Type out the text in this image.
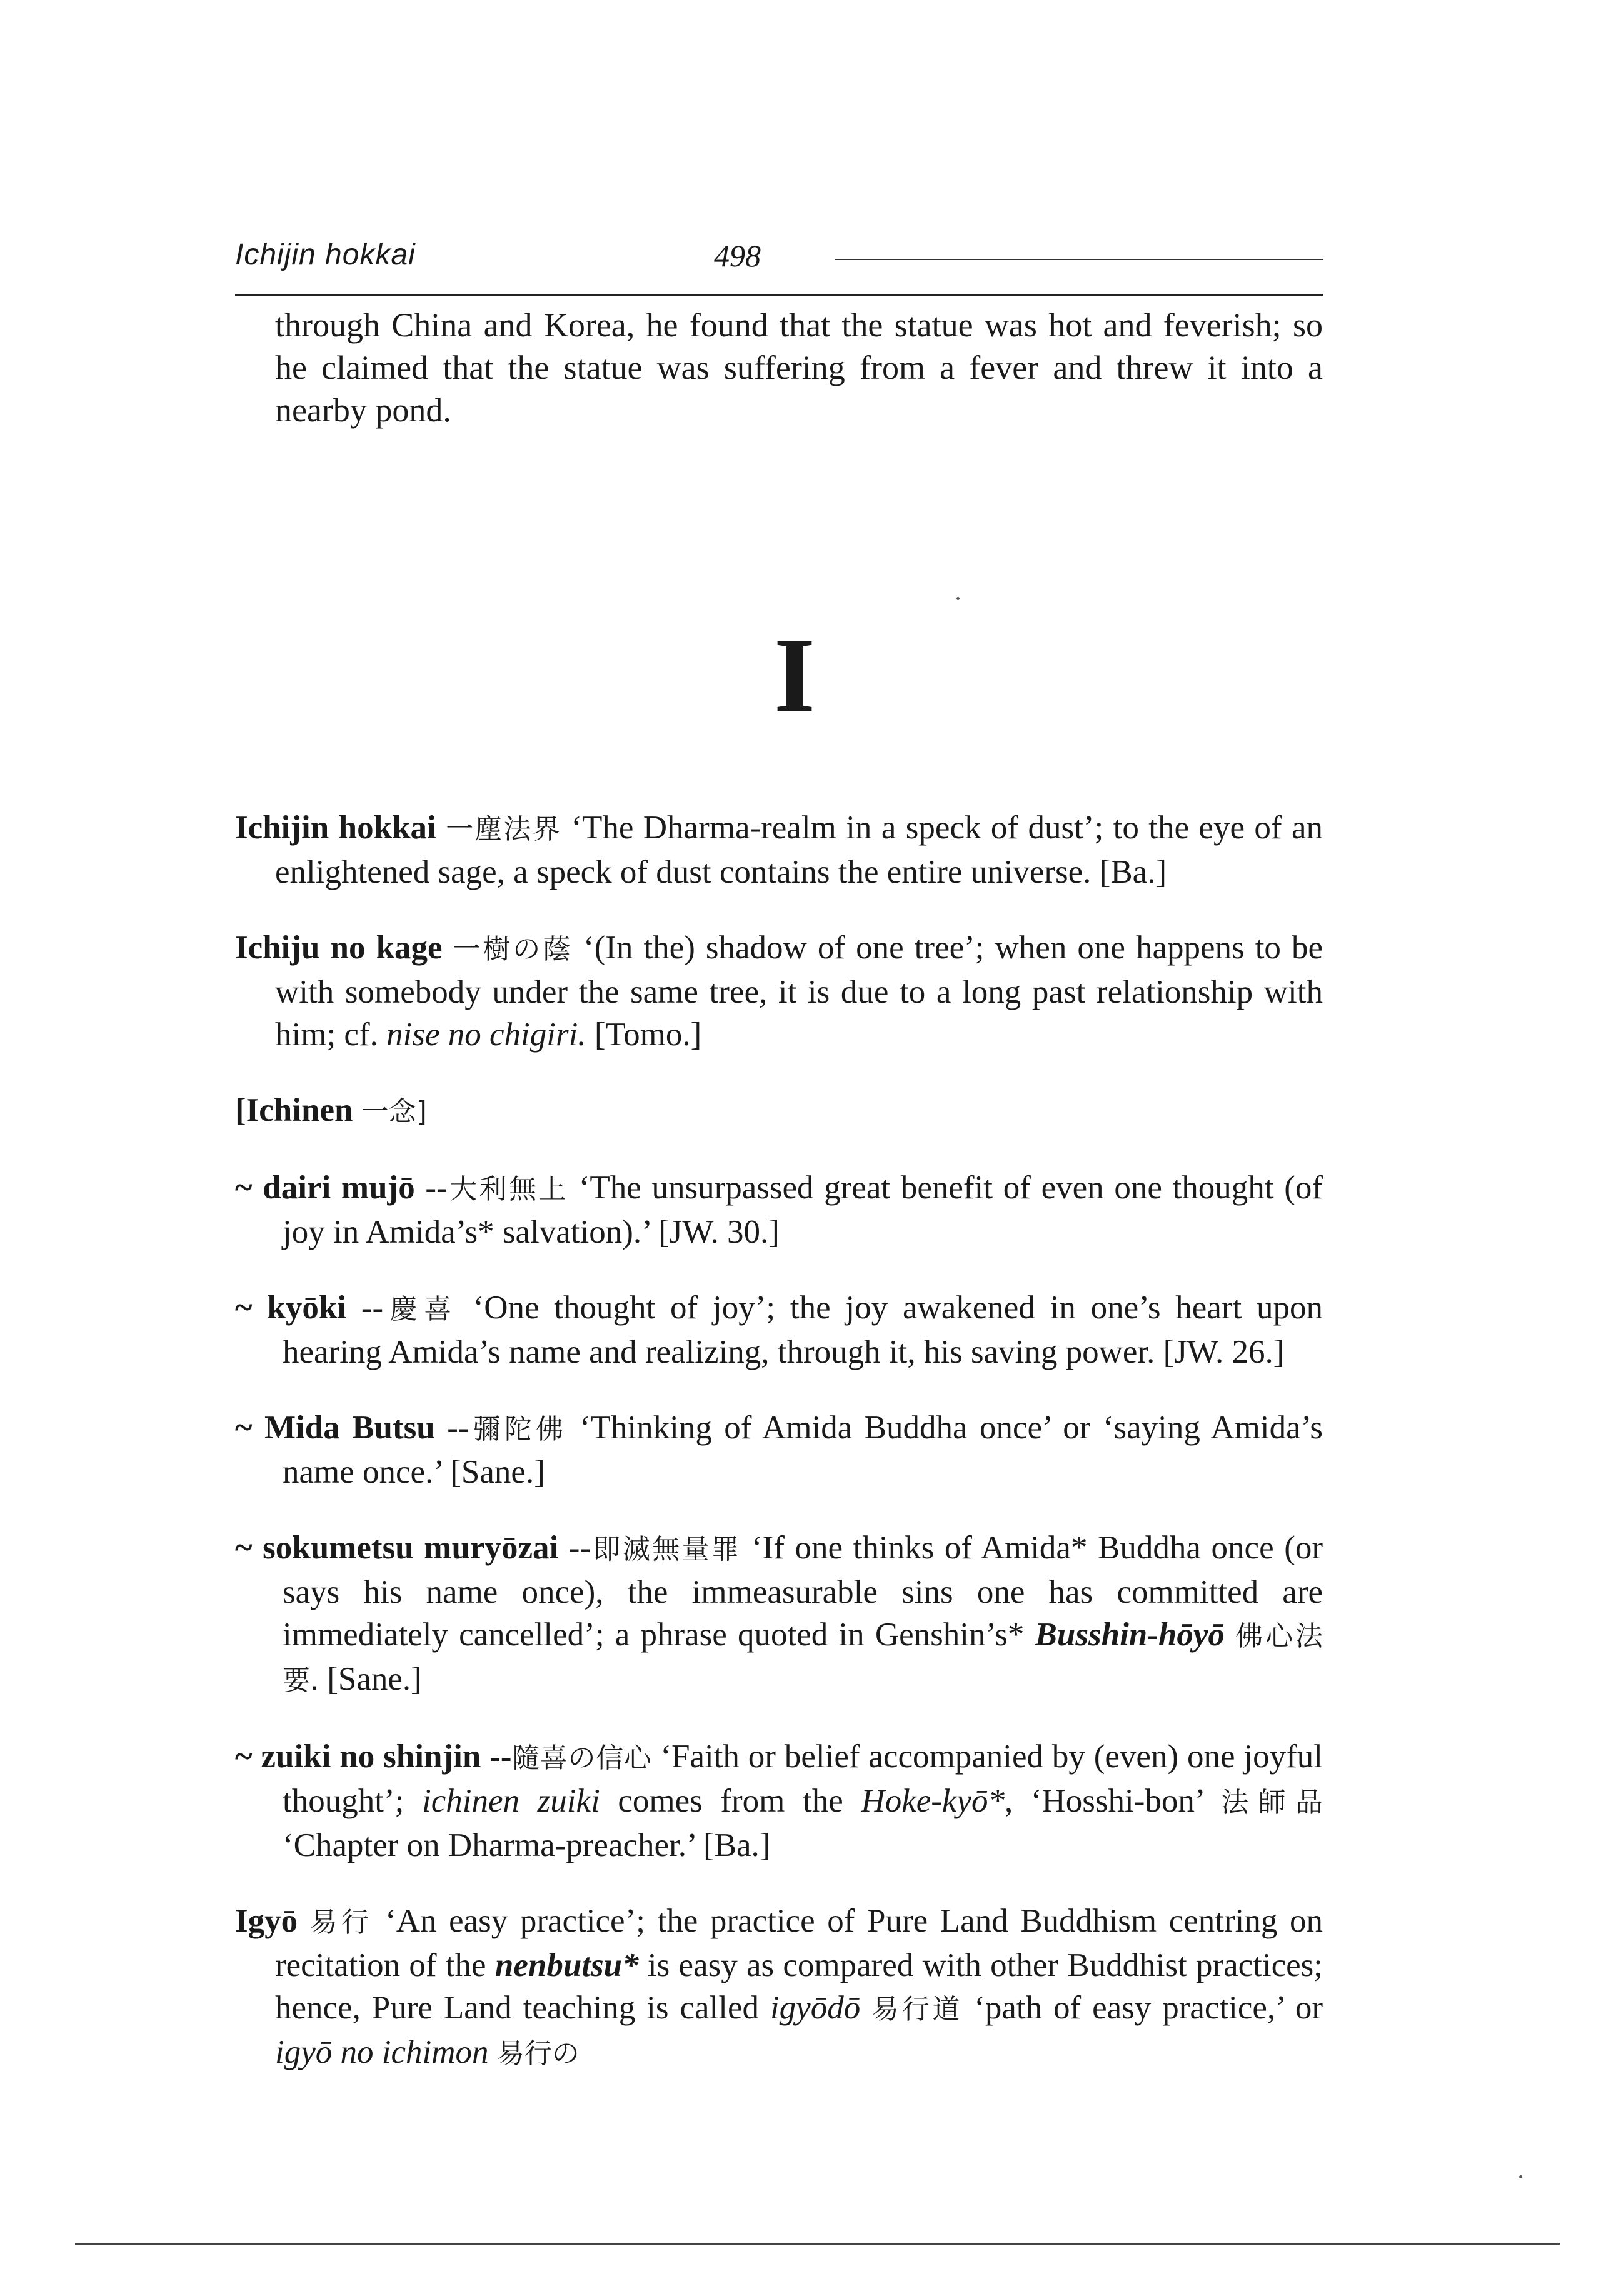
Ichijin hokkai	498

through China and Korea, he found that the statue was hot and feverish; so he claimed that the statue was suffering from a fever and threw it into a nearby pond.

I

Ichijin hokkai 一塵法界 ‘The Dharma-realm in a speck of dust’; to the eye of an enlightened sage, a speck of dust contains the entire universe. [Ba.]

Ichiju no kage 一樹の蔭 ‘(In the) shadow of one tree’; when one happens to be with somebody under the same tree, it is due to a long past relationship with him; cf. nise no chigiri. [Tomo.]

[Ichinen 一念]

~ dairi mujō --大利無上 ‘The unsurpassed great benefit of even one thought (of joy in Amida’s* salvation).’ [JW. 30.]

~ kyōki --慶喜 ‘One thought of joy’; the joy awakened in one’s heart upon hearing Amida’s name and realizing, through it, his saving power. [JW. 26.]

~ Mida Butsu --彌陀佛 ‘Thinking of Amida Buddha once’ or ‘saying Amida’s name once.’ [Sane.]

~ sokumetsu muryōzai --即滅無量罪 ‘If one thinks of Amida* Buddha once (or says his name once), the immeasurable sins one has committed are immediately cancelled’; a phrase quoted in Genshin’s* Busshin-hōyō 佛心法要. [Sane.]

~ zuiki no shinjin --隨喜の信心 ‘Faith or belief accompanied by (even) one joyful thought’; ichinen zuiki comes from the Hoke-kyō*, ‘Hosshi-bon’ 法師品 ‘Chapter on Dharma-preacher.’ [Ba.]

Igyō 易行 ‘An easy practice’; the practice of Pure Land Buddhism centring on recitation of the nenbutsu* is easy as compared with other Buddhist practices; hence, Pure Land teaching is called igyōdō 易行道 ‘path of easy practice,’ or igyō no ichimon 易行の
